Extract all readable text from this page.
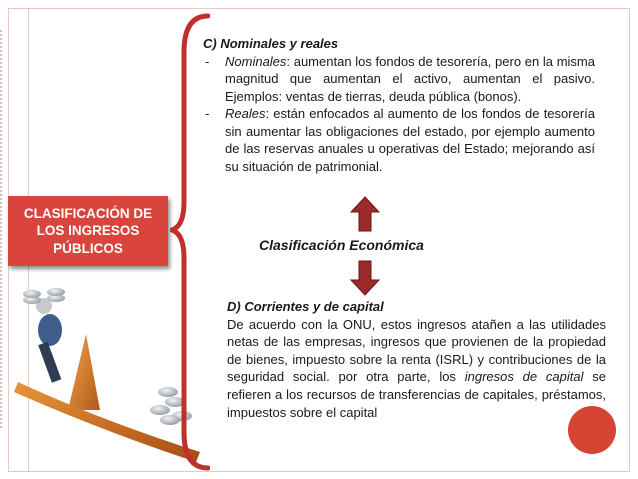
CLASIFICACIÓN DE
LOS INGRESOS
PÚBLICOS
C) Nominales y reales
- Nominales: aumentan los fondos de tesorería, pero en la misma magnitud que aumentan el activo, aumentan el pasivo. Ejemplos: ventas de tierras, deuda pública (bonos).
- Reales: están enfocados al aumento de los fondos de tesorería sin aumentar las obligaciones del estado, por ejemplo aumento de las reservas anuales u operativas del Estado; mejorando así su situación de patrimonial.
Clasificación Económica
D) Corrientes y de capital
De acuerdo con la ONU, estos ingresos atañen a las utilidades netas de las empresas, ingresos que provienen de la propiedad de bienes, impuesto sobre la renta (ISRL) y contribuciones de la seguridad social. por otra parte, los ingresos de capital se refieren a los recursos de transferencias de capitales, préstamos, impuestos sobre el capital
